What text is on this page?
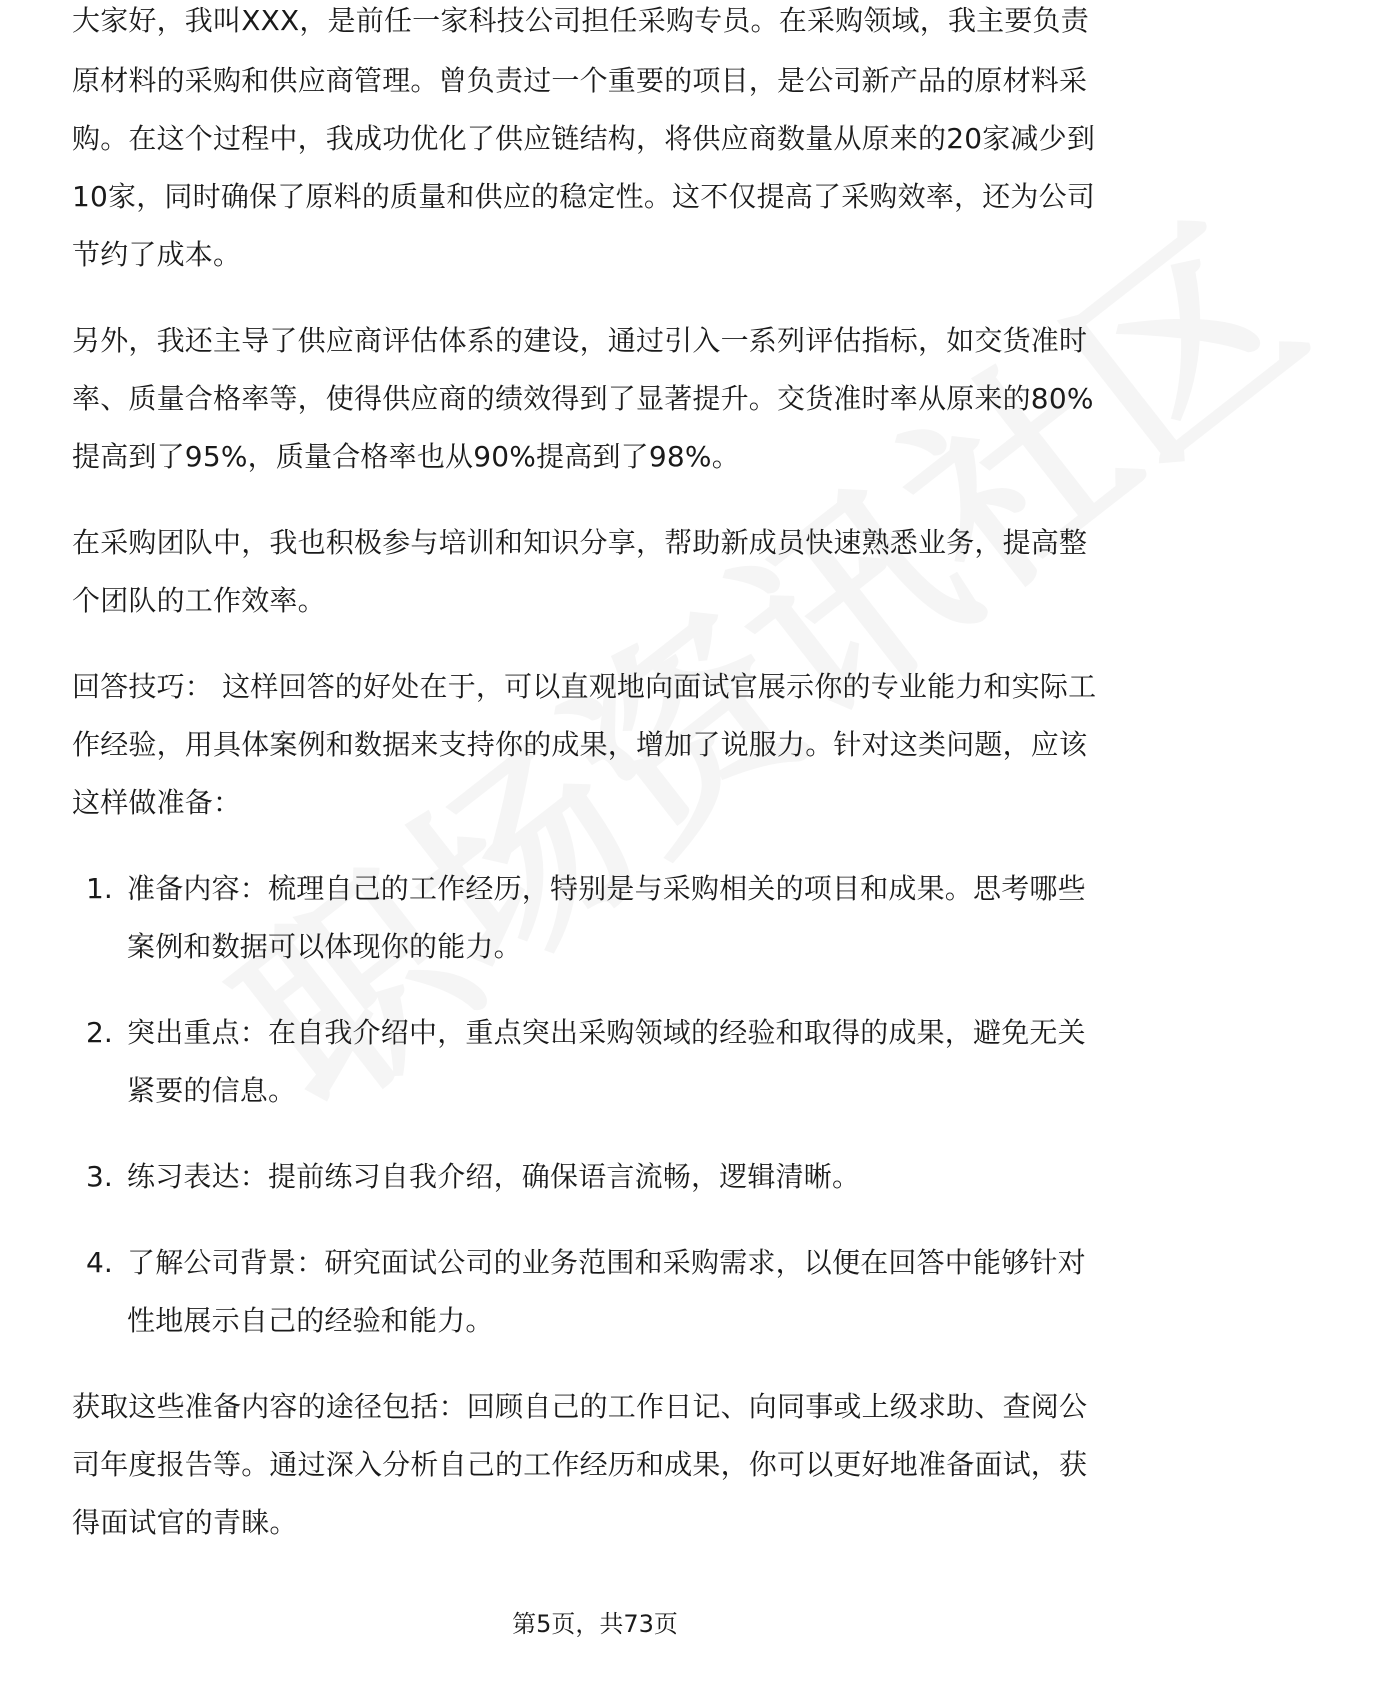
大家好，我叫XXX，是前任一家科技公司担任采购专员。在采购领域，我主要负责

原材料的采购和供应商管理。曾负责过一个重要的项目，是公司新产品的原材料采

购。在这个过程中，我成功优化了供应链结构，将供应商数量从原来的20家减少到

10家，同时确保了原料的质量和供应的稳定性。这不仅提高了采购效率，还为公司

节约了成本。

另外，我还主导了供应商评估体系的建设，通过引入一系列评估指标，如交货准时

率、质量合格率等，使得供应商的绩效得到了显著提升。交货准时率从原来的80%

提高到了95%，质量合格率也从90%提高到了98%。

在采购团队中，我也积极参与培训和知识分享，帮助新成员快速熟悉业务，提高整

个团队的工作效率。

回答技巧： 这样回答的好处在于，可以直观地向面试官展示你的专业能力和实际工

作经验，用具体案例和数据来支持你的成果，增加了说服力。针对这类问题，应该

这样做准备：

1. 准备内容：梳理自己的工作经历，特别是与采购相关的项目和成果。思考哪些

案例和数据可以体现你的能力。

2. 突出重点：在自我介绍中，重点突出采购领域的经验和取得的成果，避免无关

紧要的信息。

3. 练习表达：提前练习自我介绍，确保语言流畅，逻辑清晰。

4. 了解公司背景：研究面试公司的业务范围和采购需求，以便在回答中能够针对

性地展示自己的经验和能力。

获取这些准备内容的途径包括：回顾自己的工作日记、向同事或上级求助、查阅公

司年度报告等。通过深入分析自己的工作经历和成果，你可以更好地准备面试，获

得面试官的青睐。

第5页，共73页
